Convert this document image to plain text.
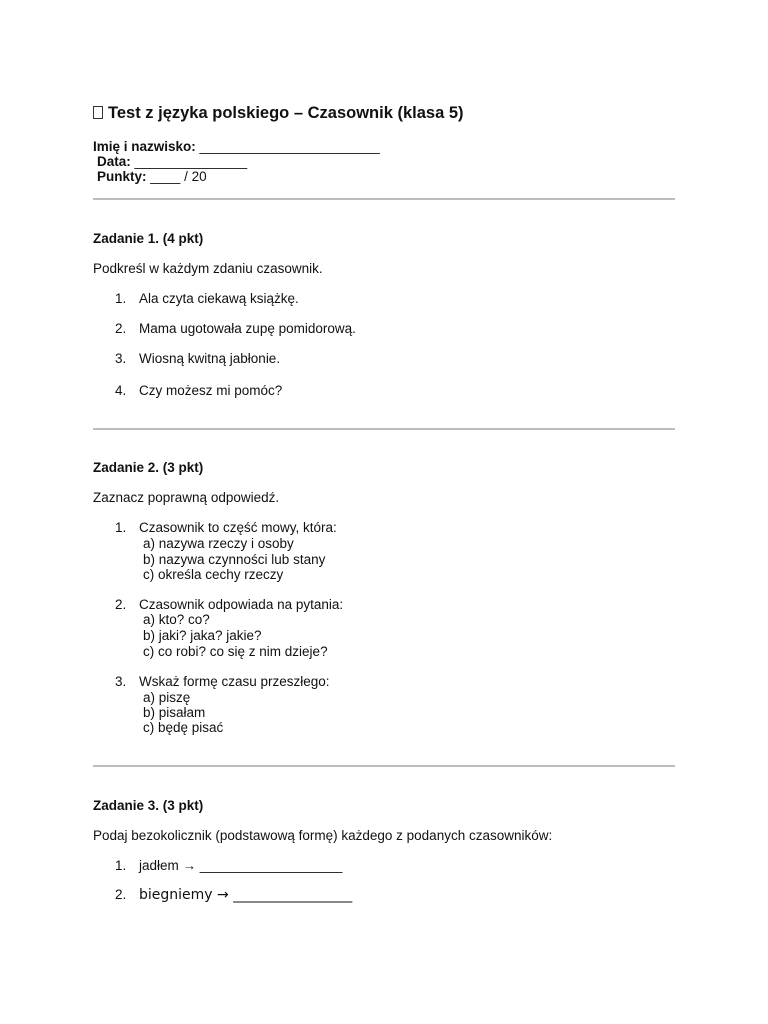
Test z języka polskiego – Czasownik (klasa 5)
Imię i nazwisko: ________________________
Data: _______________
Punkty: ____ / 20
Zadanie 1. (4 pkt)
Podkreśl w każdym zdaniu czasownik.
1. Ala czyta ciekawą książkę.
2. Mama ugotowała zupę pomidorową.
3. Wiosną kwitną jabłonie.
4. Czy możesz mi pomóc?
Zadanie 2. (3 pkt)
Zaznacz poprawną odpowiedź.
1. Czasownik to część mowy, która:
a) nazywa rzeczy i osoby
b) nazywa czynności lub stany
c) określa cechy rzeczy
2. Czasownik odpowiada na pytania:
a) kto? co?
b) jaki? jaka? jakie?
c) co robi? co się z nim dzieje?
3. Wskaż formę czasu przeszłego:
a) piszę
b) pisałam
c) będę pisać
Zadanie 3. (3 pkt)
Podaj bezokolicznik (podstawową formę) każdego z podanych czasowników:
1. jadłem → ___________________
2. biegniemy → _________________
